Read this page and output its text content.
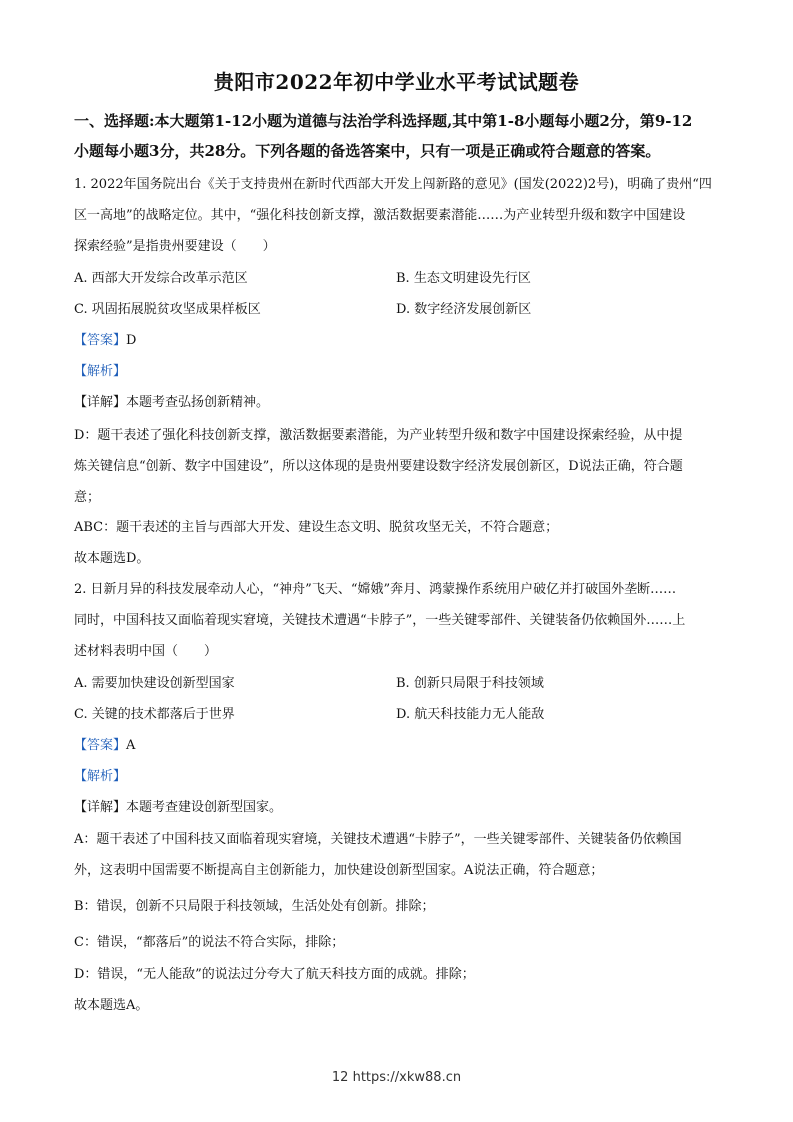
贵阳市2022年初中学业水平考试试题卷
一、选择题:本大题第1-12小题为道德与法治学科选择题,其中第1-8小题每小题2分，第9-12
小题每小题3分，共28分。下列各题的备选答案中，只有一项是正确或符合题意的答案。
1. 2022年国务院出台《关于支持贵州在新时代西部大开发上闯新路的意见》(国发(2022)2号)，明确了贵州“四
区一高地”的战略定位。其中，“强化科技创新支撑，激活数据要素潜能……为产业转型升级和数字中国建设
探索经验”是指贵州要建设（　　）
A. 西部大开发综合改革示范区	B. 生态文明建设先行区
C. 巩固拓展脱贫攻坚成果样板区	D. 数字经济发展创新区
【答案】D
【解析】
【详解】本题考查弘扬创新精神。
D：题干表述了强化科技创新支撑，激活数据要素潜能，为产业转型升级和数字中国建设探索经验，从中提
炼关键信息“创新、数字中国建设”，所以这体现的是贵州要建设数字经济发展创新区，D说法正确，符合题
意；
ABC：题干表述的主旨与西部大开发、建设生态文明、脱贫攻坚无关，不符合题意；
故本题选D。
2. 日新月异的科技发展牵动人心，“神舟”飞天、“嫦娥”奔月、鸿蒙操作系统用户破亿并打破国外垄断……
同时，中国科技又面临着现实窘境，关键技术遭遇“卡脖子”，一些关键零部件、关键装备仍依赖国外……上
述材料表明中国（　　）
A. 需要加快建设创新型国家	B. 创新只局限于科技领域
C. 关键的技术都落后于世界	D. 航天科技能力无人能敌
【答案】A
【解析】
【详解】本题考查建设创新型国家。
A：题干表述了中国科技又面临着现实窘境，关键技术遭遇“卡脖子”，一些关键零部件、关键装备仍依赖国
外，这表明中国需要不断提高自主创新能力，加快建设创新型国家。A说法正确，符合题意；
B：错误，创新不只局限于科技领域，生活处处有创新。排除；
C：错误，“都落后”的说法不符合实际，排除；
D：错误，“无人能敌”的说法过分夸大了航天科技方面的成就。排除；
故本题选A。
12 https://xkw88.cn
